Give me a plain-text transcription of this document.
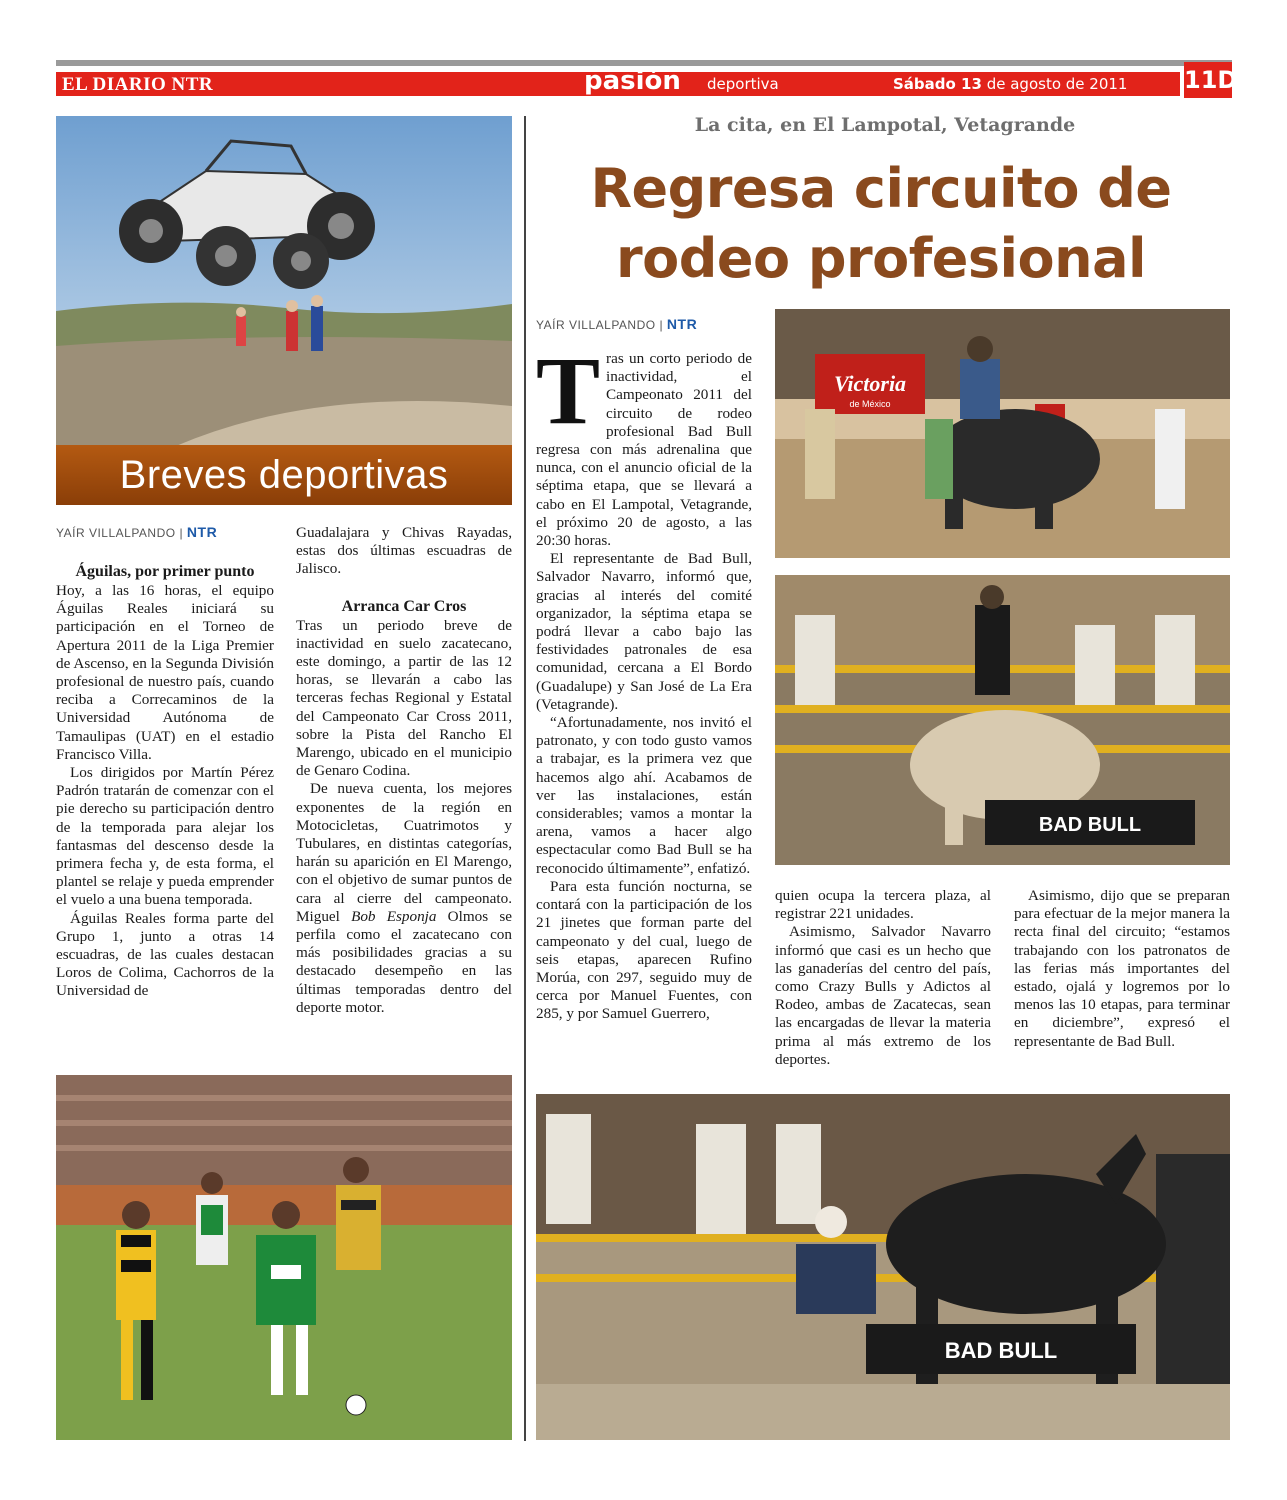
EL DIARIO NTR	pasión deportiva	Sábado 13 de agosto de 2011 11D
Breves deportivas
YAÍR VILLALPANDO | NTR
Águilas, por primer punto

Hoy, a las 16 horas, el equipo Águilas Reales iniciará su participación en el Torneo de Apertura 2011 de la Liga Premier de Ascenso, en la Segunda División profesional de nuestro país, cuando reciba a Correcaminos de la Universidad Autónoma de Tamaulipas (UAT) en el estadio Francisco Villa.

Los dirigidos por Martín Pérez Padrón tratarán de comenzar con el pie derecho su participación dentro de la temporada para alejar los fantasmas del descenso desde la primera fecha y, de esta forma, el plantel se relaje y pueda emprender el vuelo a una buena temporada.

Águilas Reales forma parte del Grupo 1, junto a otras 14 escuadras, de las cuales destacan Loros de Colima, Cachorros de la Universidad de

Guadalajara y Chivas Rayadas, estas dos últimas escuadras de Jalisco.

Arranca Car Cros

Tras un periodo breve de inactividad en suelo zacatecano, este domingo, a partir de las 12 horas, se llevarán a cabo las terceras fechas Regional y Estatal del Campeonato Car Cross 2011, sobre la Pista del Rancho El Marengo, ubicado en el municipio de Genaro Codina.

De nueva cuenta, los mejores exponentes de la región en Motocicletas, Cuatrimotos y Tubulares, en distintas categorías, harán su aparición en El Marengo, con el objetivo de sumar puntos de cara al cierre del campeonato. Miguel Bob Esponja Olmos se perfila como el zacatecano con más posibilidades gracias a su destacado desempeño en las últimas temporadas dentro del deporte motor.

La cita, en El Lampotal, Vetagrande
Regresa circuito de
rodeo profesional
YAÍR VILLALPANDO | NTR

Tras un corto periodo de inactividad, el Campeonato 2011 del circuito de rodeo profesional Bad Bull regresa con más adrenalina que nunca, con el anuncio oficial de la séptima etapa, que se llevará a cabo en El Lampotal, Vetagrande, el próximo 20 de agosto, a las 20:30 horas.

El representante de Bad Bull, Salvador Navarro, informó que, gracias al interés del comité organizador, la séptima etapa se podrá llevar a cabo bajo las festividades patronales de esa comunidad, cercana a El Bordo (Guadalupe) y San José de La Era (Vetagrande).

“Afortunadamente, nos invitó el patronato, y con todo gusto vamos a trabajar, es la primera vez que hacemos algo ahí. Acabamos de ver las instalaciones, están considerables; vamos a montar la arena, vamos a hacer algo espectacular como Bad Bull se ha reconocido últimamente”, enfatizó.

Para esta función nocturna, se contará con la participación de los 21 jinetes que forman parte del campeonato y del cual, luego de seis etapas, aparecen Rufino Morúa, con 297, seguido muy de cerca por Manuel Fuentes, con 285, y por Samuel Guerrero,

Victoria
de México
BAD BULL

quien ocupa la tercera plaza, al registrar 221 unidades.

Asimismo, Salvador Navarro informó que casi es un hecho que las ganaderías del centro del país, como Crazy Bulls y Adictos al Rodeo, ambas de Zacatecas, sean las encargadas de llevar la materia prima al más extremo de los deportes.

Asimismo, dijo que se preparan para efectuar de la mejor manera la recta final del circuito; “estamos trabajando con los patronatos de las ferias más importantes del estado, ojalá y logremos por lo menos las 10 etapas, para terminar en diciembre”, expresó el representante de Bad Bull.

BAD BULL
